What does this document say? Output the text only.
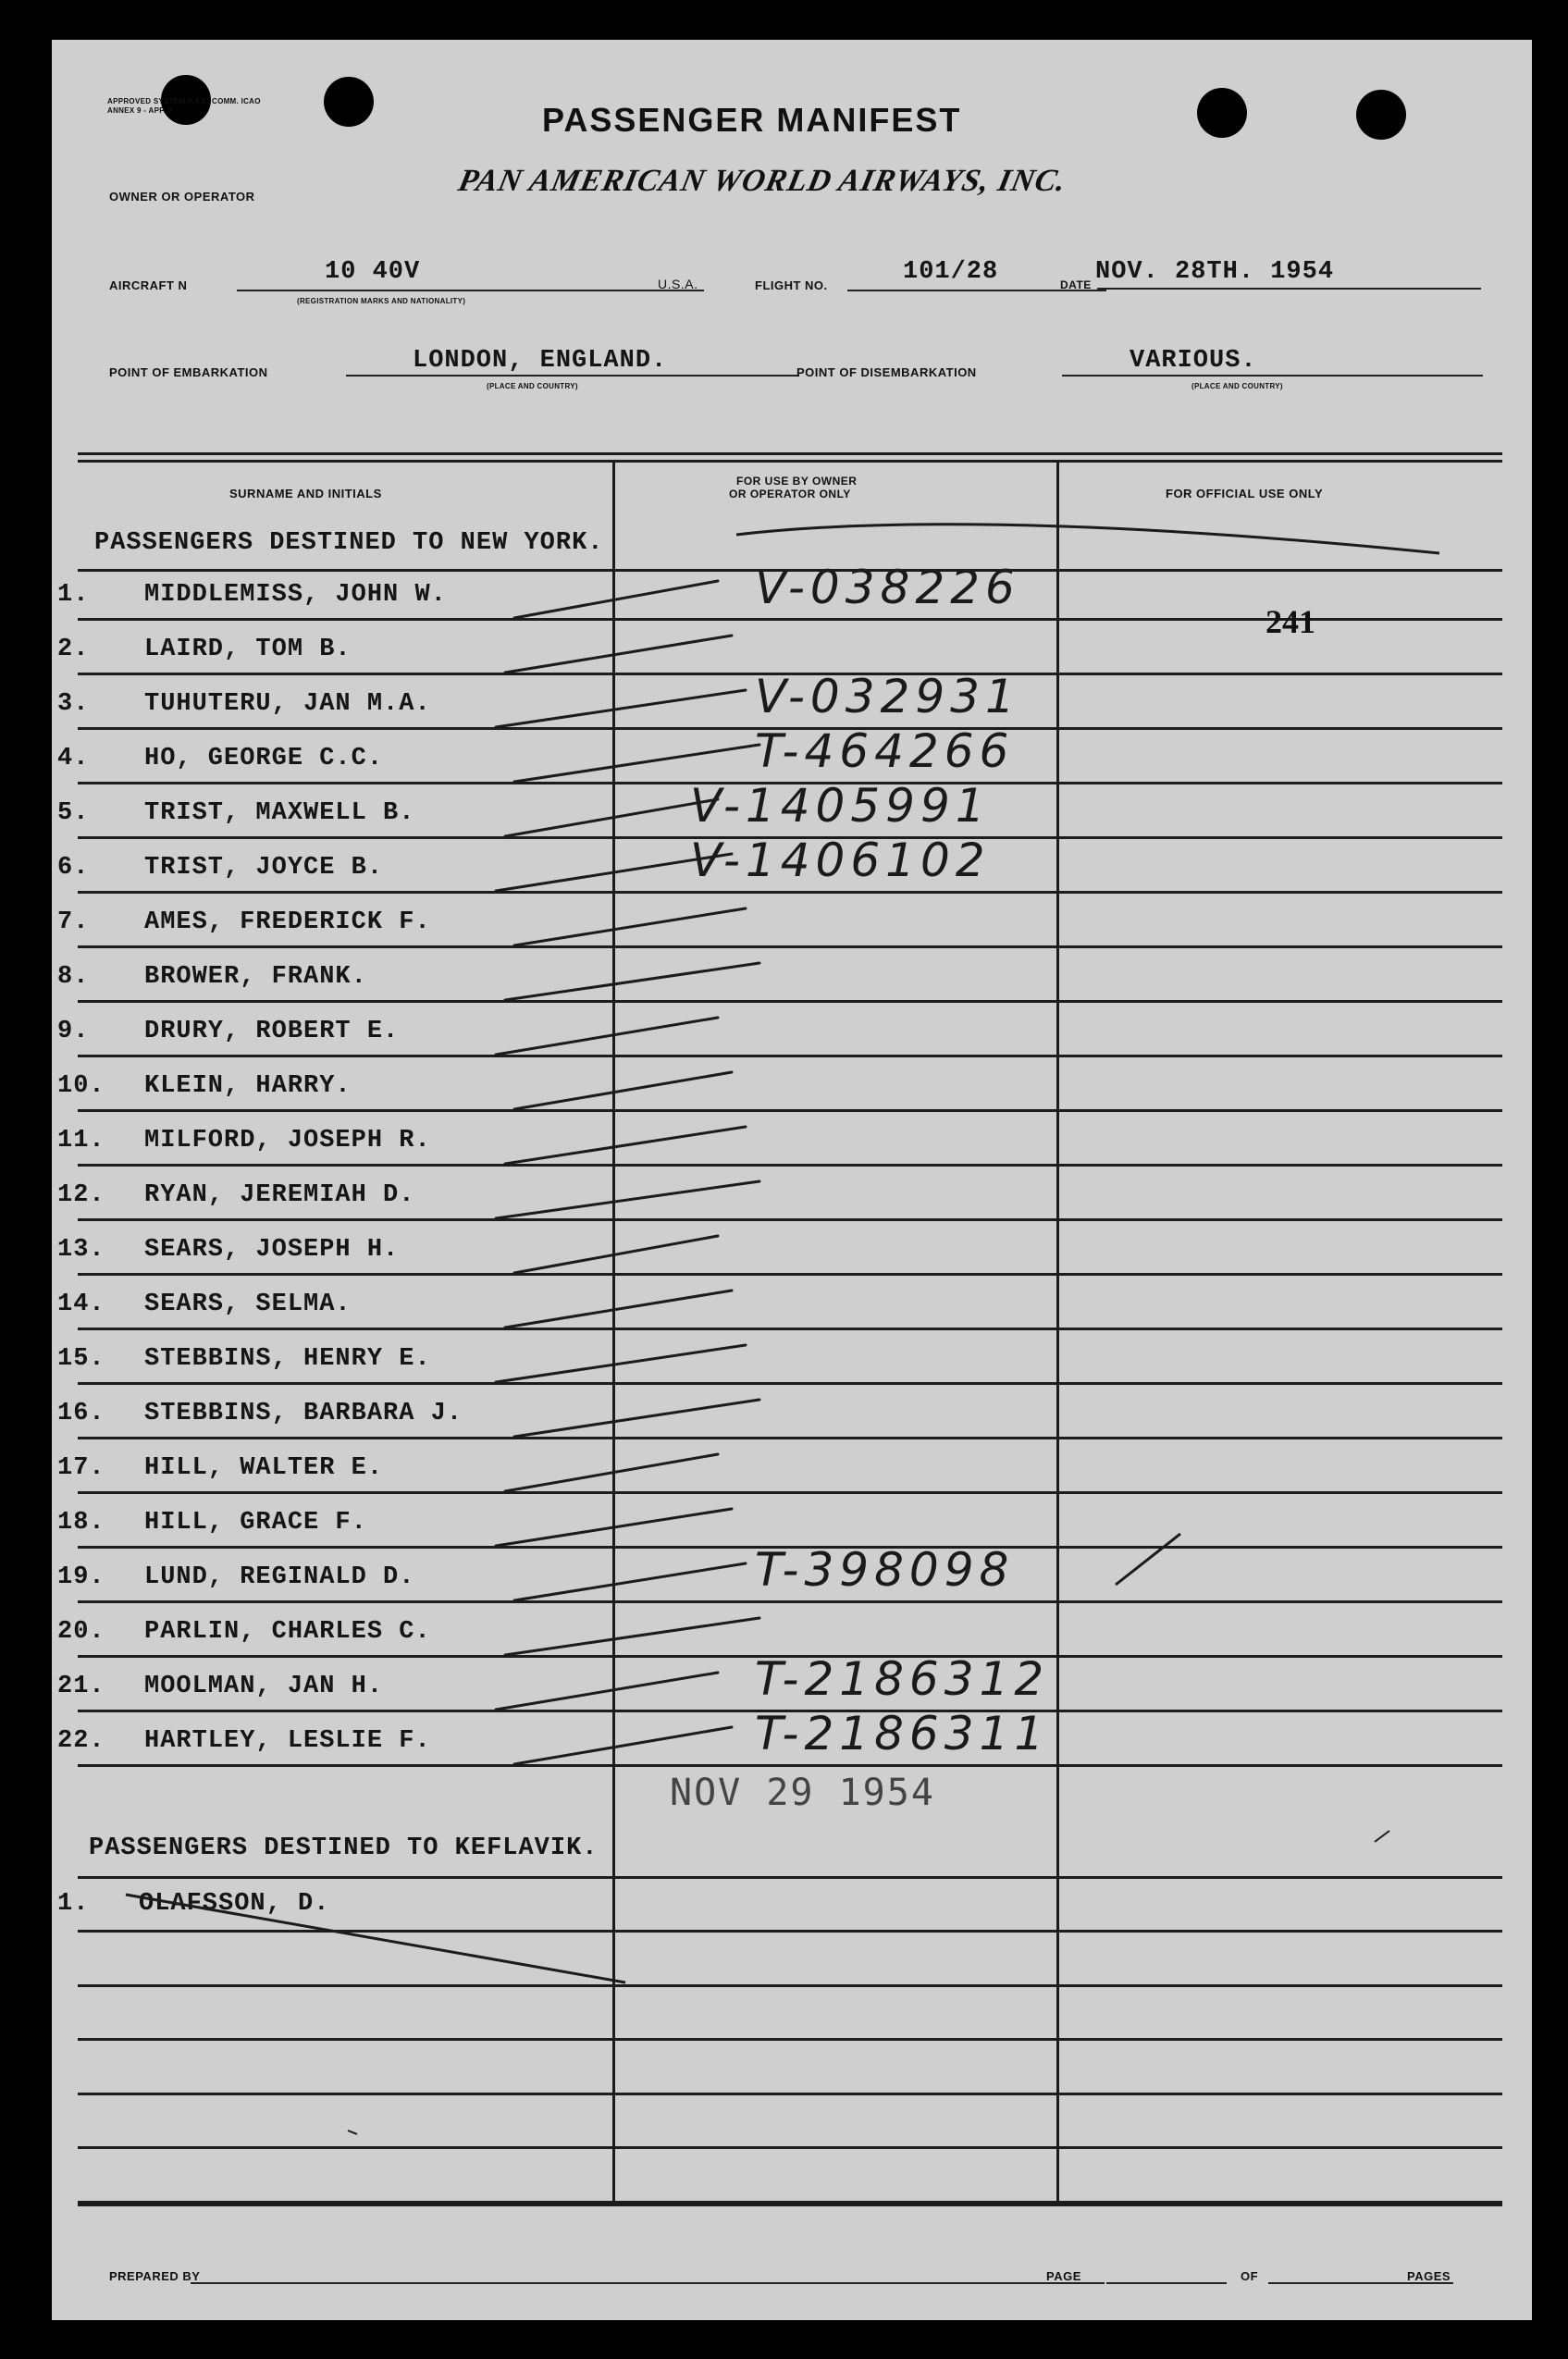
APPROVED SYSTEM P.A.L. COMM. ICAO ANNEX 9 - APP. 2	PASSENGER MANIFEST
OWNER OR OPERATOR	PAN AMERICAN WORLD AIRWAYS, INC.
AIRCRAFT N	10 40V
(REGISTRATION MARKS AND NATIONALITY)
U.S.A.	FLIGHT NO.	101/28	DATE NOV. 28TH. 1954
POINT OF EMBARKATION	LONDON, ENGLAND.
(PLACE AND COUNTRY)
POINT OF DISEMBARKATION	VARIOUS.
(PLACE AND COUNTRY)
SURNAME AND INITIALS
FOR USE BY OWNER
OR OPERATOR ONLY	FOR OFFICIAL USE ONLY
PASSENGERS DESTINED TO NEW YORK.
1.	MIDDLEMISS, JOHN W.	V-038226
2.	LAIRD, TOM B.
3.	TUHUTERU, JAN M.A.	V-032931
4.	HO, GEORGE C.C.	T-464266
5.	TRIST, MAXWELL B.	V-1405991
6.	TRIST, JOYCE B.	V-1406102
7.	AMES, FREDERICK F.
8.	BROWER, FRANK.
9.	DRURY, ROBERT E.
10.	KLEIN, HARRY.
11.	MILFORD, JOSEPH R.
12.	RYAN, JEREMIAH D.
13.	SEARS, JOSEPH H.
14.	SEARS, SELMA.
15.	STEBBINS, HENRY E.
16.	STEBBINS, BARBARA J.
17.	HILL, WALTER E.
18.	HILL, GRACE F.
19.	LUND, REGINALD D.	T-398098
20.	PARLIN, CHARLES C.
21.	MOOLMAN, JAN H.	T-2186312
22.	HARTLEY, LESLIE F.	T-2186311
1.	OLAFSSON, D.
241
NOV 29 1954
PASSENGERS DESTINED TO KEFLAVIK.
PREPARED BY	PAGE	OF	PAGES
